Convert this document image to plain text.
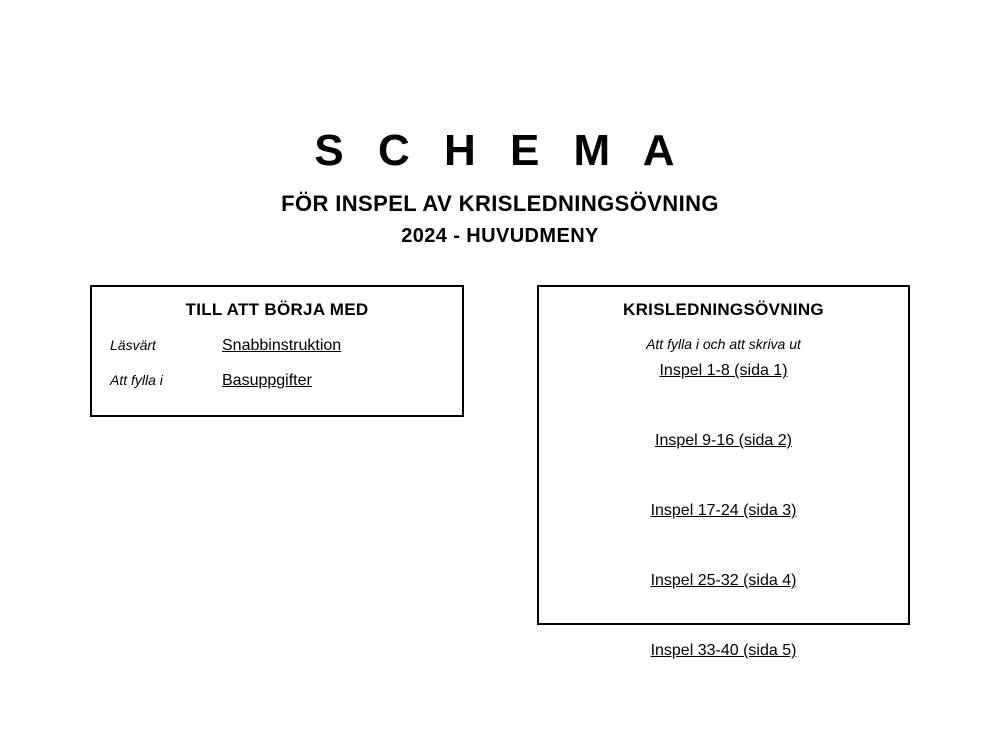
S C H E M A
FÖR INSPEL AV KRISLEDNINGSÖVNING
2024 - HUVUDMENY
TILL ATT BÖRJA MED
Läsvärt	Snabbinstruktion
Att fylla i	Basuppgifter
KRISLEDNINGSÖVNING
Att fylla i och att skriva ut
Inspel 1-8 (sida 1)
Inspel 9-16 (sida 2)
Inspel 17-24 (sida 3)
Inspel 25-32 (sida 4)
Inspel 33-40 (sida 5)
